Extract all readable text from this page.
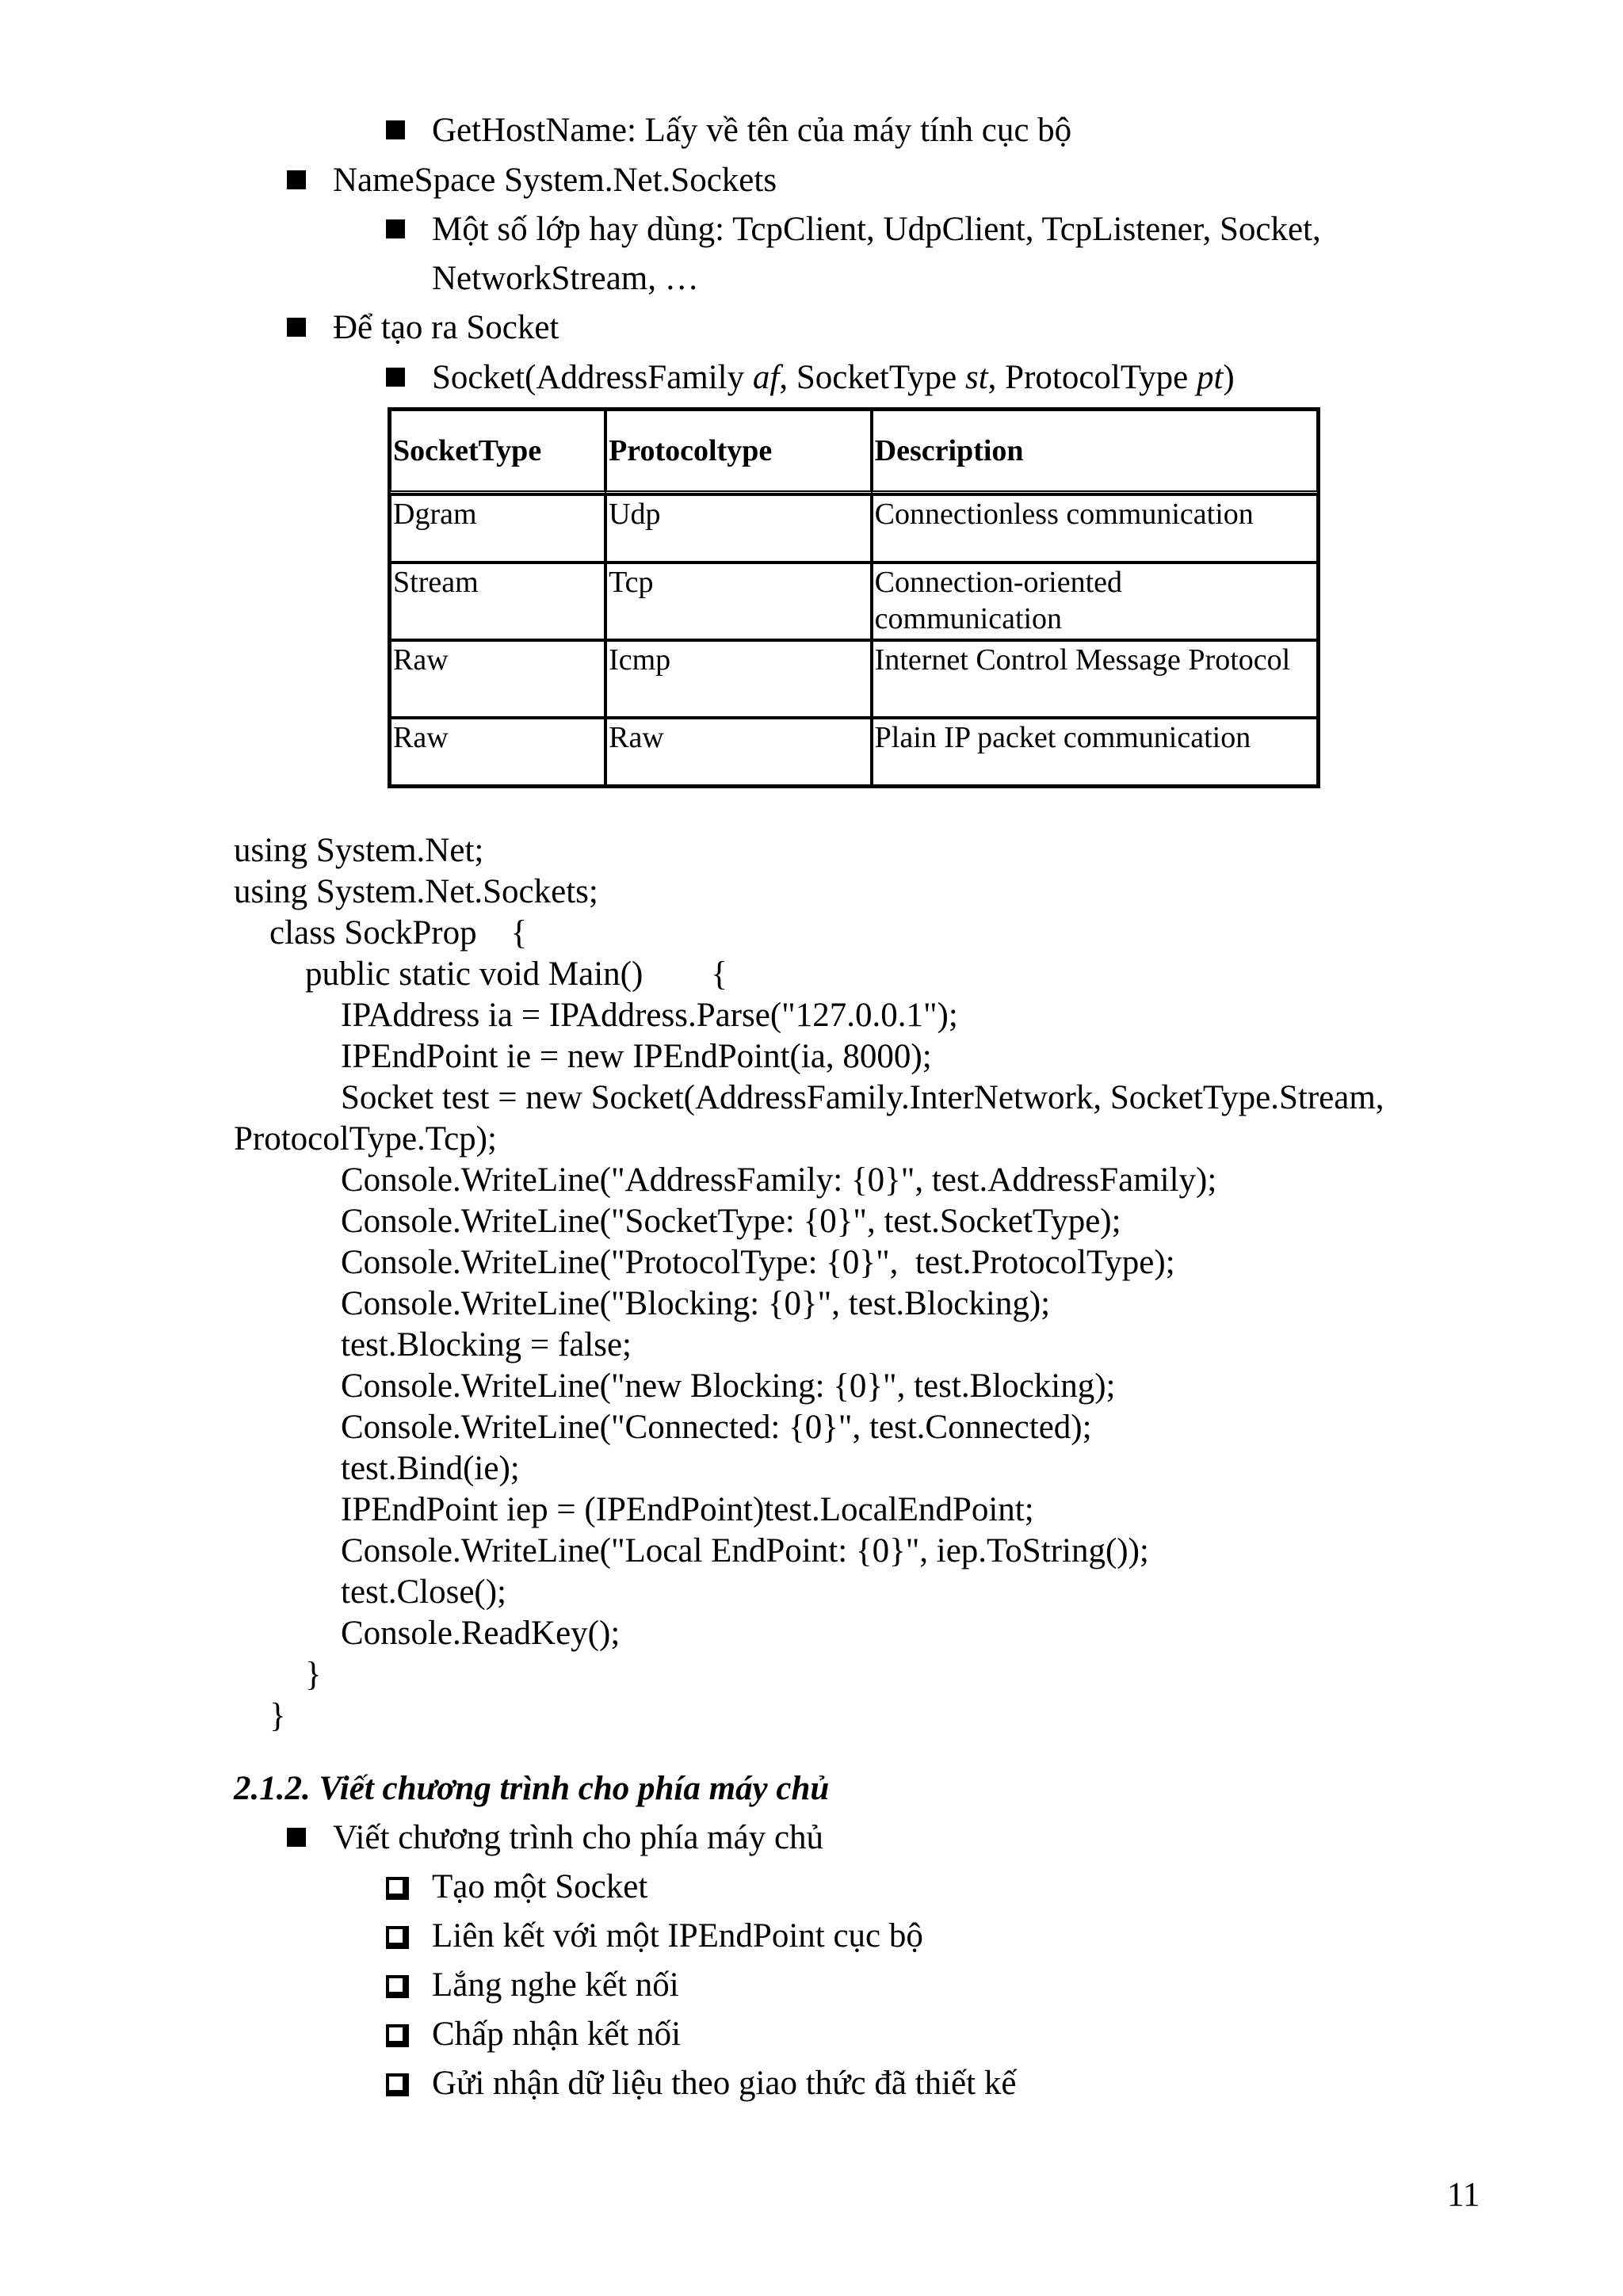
GetHostName: Lấy về tên của máy tính cục bộ
NameSpace System.Net.Sockets
Một số lớp hay dùng: TcpClient, UdpClient, TcpListener, Socket,
NetworkStream, …
Để tạo ra Socket
Socket(AddressFamily af, SocketType st, ProtocolType pt)
SocketType	Protocoltype	Description
Dgram	Udp	Connectionless communication
Stream	Tcp	Connection-oriented communication
Raw	Icmp	Internet Control Message Protocol
Raw	Raw	Plain IP packet communication
using System.Net;
using System.Net.Sockets;
class SockProp    {
public static void Main()        {
IPAddress ia = IPAddress.Parse("127.0.0.1");
IPEndPoint ie = new IPEndPoint(ia, 8000);
Socket test = new Socket(AddressFamily.InterNetwork, SocketType.Stream,
ProtocolType.Tcp);
Console.WriteLine("AddressFamily: {0}", test.AddressFamily);
Console.WriteLine("SocketType: {0}", test.SocketType);
Console.WriteLine("ProtocolType: {0}",  test.ProtocolType);
Console.WriteLine("Blocking: {0}", test.Blocking);
test.Blocking = false;
Console.WriteLine("new Blocking: {0}", test.Blocking);
Console.WriteLine("Connected: {0}", test.Connected);
test.Bind(ie);
IPEndPoint iep = (IPEndPoint)test.LocalEndPoint;
Console.WriteLine("Local EndPoint: {0}", iep.ToString());
test.Close();
Console.ReadKey();
}
}
2.1.2. Viết chương trình cho phía máy chủ
Viết chương trình cho phía máy chủ
Tạo một Socket
Liên kết với một IPEndPoint cục bộ
Lắng nghe kết nối
Chấp nhận kết nối
Gửi nhận dữ liệu theo giao thức đã thiết kế
11
